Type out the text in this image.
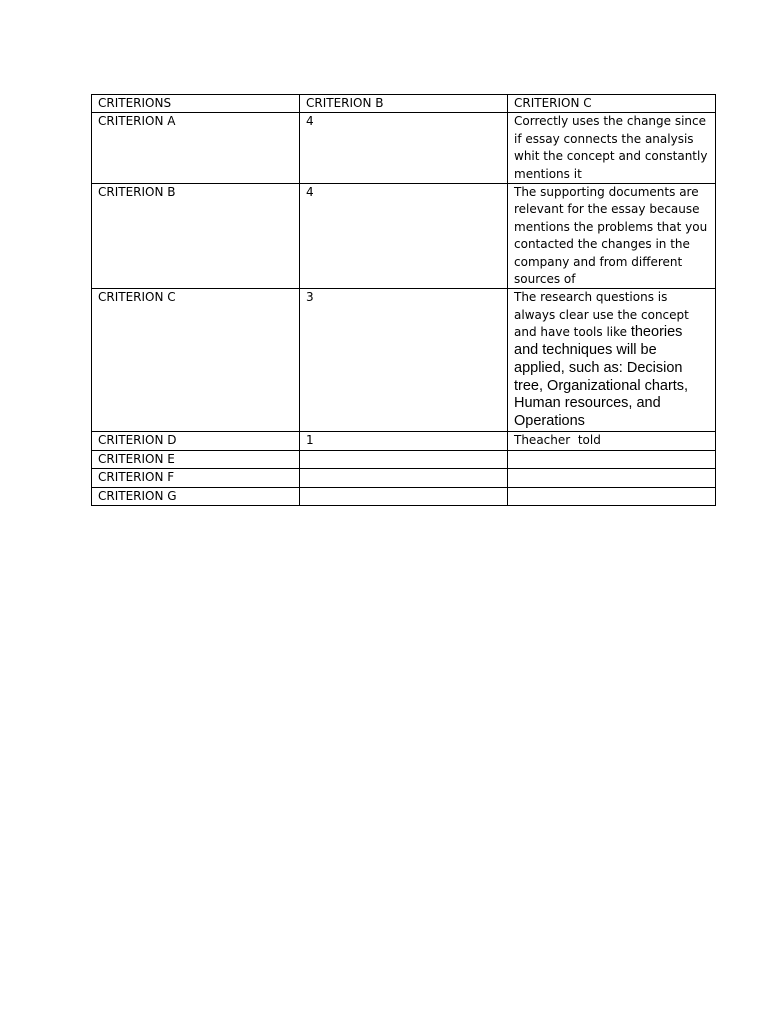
CRITERIONS	CRITERION B	CRITERION C
CRITERION A	4	Correctly uses the change since if essay connects the analysis whit the concept and constantly mentions it
CRITERION B	4	The supporting documents are relevant for the essay because mentions the problems that you contacted the changes in the company and from different sources of
CRITERION C	3	The research questions is always clear use the concept and have tools like theories and techniques will be applied, such as: Decision tree, Organizational charts, Human resources, and Operations
CRITERION D	1	Theacher  told
CRITERION E		
CRITERION F		
CRITERION G		
